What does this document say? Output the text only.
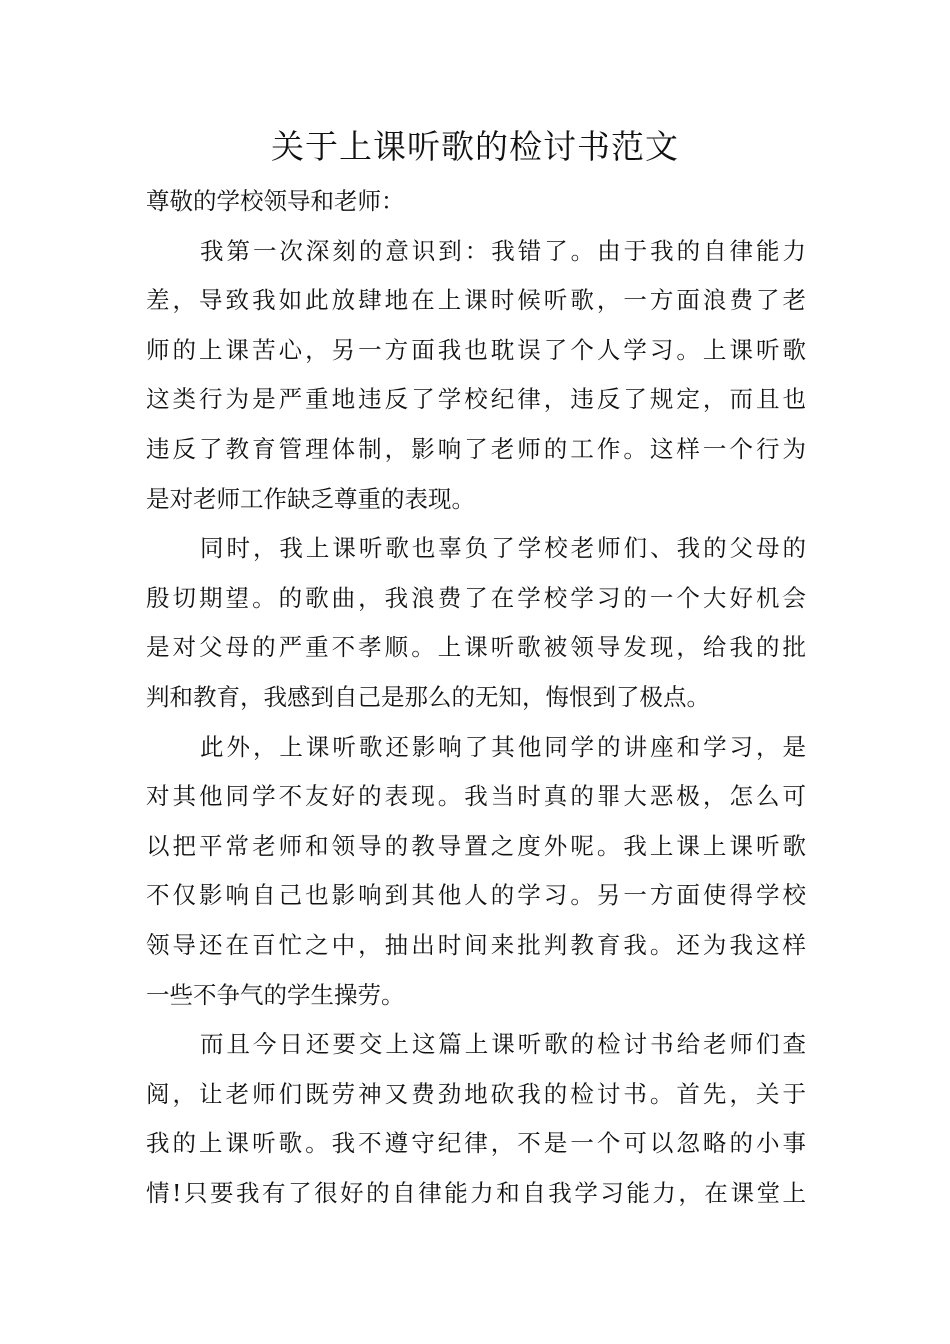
关于上课听歌的检讨书范文

尊敬的学校领导和老师：

我第一次深刻的意识到：我错了。由于我的自律能力

差，导致我如此放肆地在上课时候听歌，一方面浪费了老

师的上课苦心，另一方面我也耽误了个人学习。上课听歌

这类行为是严重地违反了学校纪律，违反了规定，而且也

违反了教育管理体制，影响了老师的工作。这样一个行为

是对老师工作缺乏尊重的表现。

同时，我上课听歌也辜负了学校老师们、我的父母的

殷切期望。的歌曲，我浪费了在学校学习的一个大好机会

是对父母的严重不孝顺。上课听歌被领导发现，给我的批

判和教育，我感到自己是那么的无知，悔恨到了极点。

此外，上课听歌还影响了其他同学的讲座和学习，是

对其他同学不友好的表现。我当时真的罪大恶极，怎么可

以把平常老师和领导的教导置之度外呢。我上课上课听歌

不仅影响自己也影响到其他人的学习。另一方面使得学校

领导还在百忙之中，抽出时间来批判教育我。还为我这样

一些不争气的学生操劳。

而且今日还要交上这篇上课听歌的检讨书给老师们查

阅，让老师们既劳神又费劲地砍我的检讨书。首先，关于

我的上课听歌。我不遵守纪律，不是一个可以忽略的小事

情!只要我有了很好的自律能力和自我学习能力，在课堂上
